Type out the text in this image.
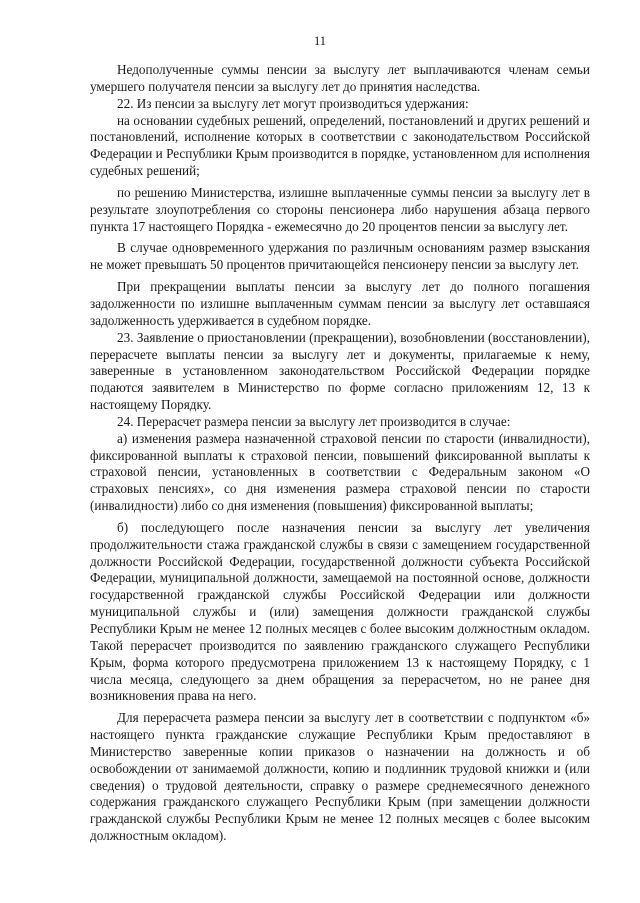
11

Недополученные суммы пенсии за выслугу лет выплачиваются членам семьи умершего получателя пенсии за выслугу лет до принятия наследства.

22. Из пенсии за выслугу лет могут производиться удержания:

на основании судебных решений, определений, постановлений и других решений и постановлений, исполнение которых в соответствии с законодательством Российской Федерации и Республики Крым производится в порядке, установленном для исполнения судебных решений;

по решению Министерства, излишне выплаченные суммы пенсии за выслугу лет в результате злоупотребления со стороны пенсионера либо нарушения абзаца первого пункта 17 настоящего Порядка - ежемесячно до 20 процентов пенсии за выслугу лет.

В случае одновременного удержания по различным основаниям размер взыскания не может превышать 50 процентов причитающейся пенсионеру пенсии за выслугу лет.

При прекращении выплаты пенсии за выслугу лет до полного погашения задолженности по излишне выплаченным суммам пенсии за выслугу лет оставшаяся задолженность удерживается в судебном порядке.

23. Заявление о приостановлении (прекращении), возобновлении (восстановлении), перерасчете выплаты пенсии за выслугу лет и документы, прилагаемые к нему, заверенные в установленном законодательством Российской Федерации порядке подаются заявителем в Министерство по форме согласно приложениям 12, 13 к настоящему Порядку.

24. Перерасчет размера пенсии за выслугу лет производится в случае:

а) изменения размера назначенной страховой пенсии по старости (инвалидности), фиксированной выплаты к страховой пенсии, повышений фиксированной выплаты к страховой пенсии, установленных в соответствии с Федеральным законом «О страховых пенсиях», со дня изменения размера страховой пенсии по старости (инвалидности) либо со дня изменения (повышения) фиксированной выплаты;

б) последующего после назначения пенсии за выслугу лет увеличения продолжительности стажа гражданской службы в связи с замещением государственной должности Российской Федерации, государственной должности субъекта Российской Федерации, муниципальной должности, замещаемой на постоянной основе, должности государственной гражданской службы Российской Федерации или должности муниципальной службы и (или) замещения должности гражданской службы Республики Крым не менее 12 полных месяцев с более высоким должностным окладом. Такой перерасчет производится по заявлению гражданского служащего Республики Крым, форма которого предусмотрена приложением 13 к настоящему Порядку, с 1 числа месяца, следующего за днем обращения за перерасчетом, но не ранее дня возникновения права на него.

Для перерасчета размера пенсии за выслугу лет в соответствии с подпунктом «б» настоящего пункта гражданские служащие Республики Крым предоставляют в Министерство заверенные копии приказов о назначении на должность и об освобождении от занимаемой должности, копию и подлинник трудовой книжки и (или сведения) о трудовой деятельности, справку о размере среднемесячного денежного содержания гражданского служащего Республики Крым (при замещении должности гражданской службы Республики Крым не менее 12 полных месяцев с более высоким должностным окладом).
